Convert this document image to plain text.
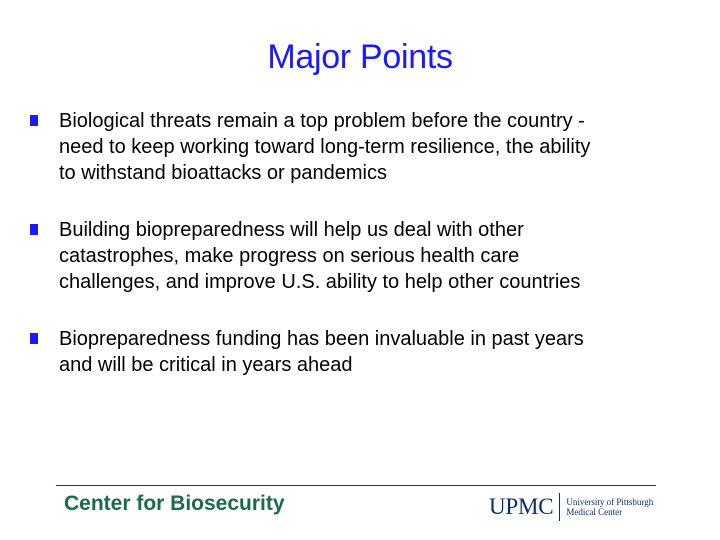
Major Points
Biological threats remain a top problem before the country -
need to keep working toward long-term resilience, the ability
to withstand bioattacks or pandemics
Building biopreparedness will help us deal with other
catastrophes, make progress on serious health care
challenges, and improve U.S. ability to help other countries
Biopreparedness funding has been invaluable in past years
and will be critical in years ahead
Center for Biosecurity	UPMC	University of Pittsburgh
Medical Center
